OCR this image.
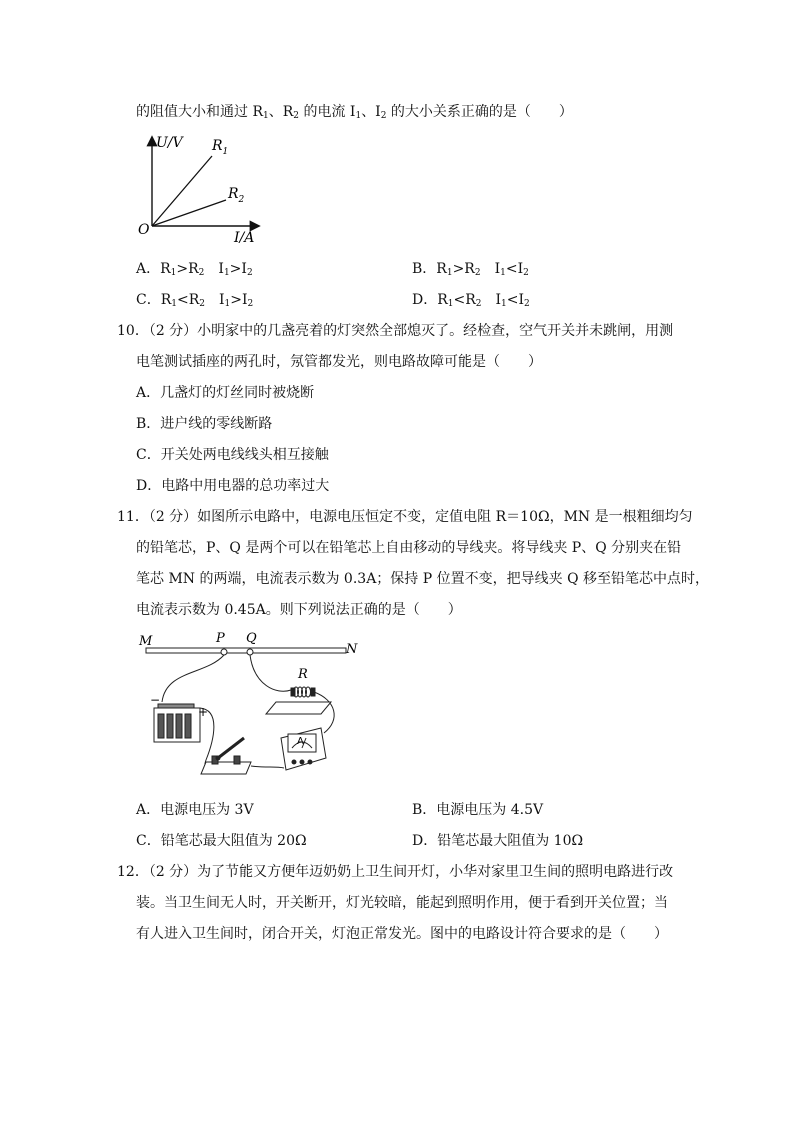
的阻值大小和通过 $R_1$、$R_2$ 的电流 $I_1$、$I_2$ 的大小关系正确的是（　　）
U/V
I/A
O
$R_1$
$R_2$
A．$R_1>R_2$　$I_1>I_2$	B．$R_1>R_2$　$I_1<I_2$
C．$R_1<R_2$　$I_1>I_2$	D．$R_1<R_2$　$I_1<I_2$
10．（2 分）小明家中的几盏亮着的灯突然全部熄灭了。经检查，空气开关并未跳闸，用测
电笔测试插座的两孔时，氖管都发光，则电路故障可能是（　　）
A．几盏灯的灯丝同时被烧断
B．进户线的零线断路
C．开关处两电线线头相互接触
D．电路中用电器的总功率过大
11．（2 分）如图所示电路中，电源电压恒定不变，定值电阻 R＝10Ω，MN 是一根粗细均匀
的铅笔芯，P、Q 是两个可以在铅笔芯上自由移动的导线夹。将导线夹 P、Q 分别夹在铅
笔芯 MN 的两端，电流表示数为 0.3A；保持 P 位置不变，把导线夹 Q 移至铅笔芯中点时，
电流表示数为 0.45A。则下列说法正确的是（　　）
M	P Q
N
R
−
+
A
A．电源电压为 3V	B．电源电压为 4.5V
C．铅笔芯最大阻值为 20Ω	D．铅笔芯最大阻值为 10Ω
12．（2 分）为了节能又方便年迈奶奶上卫生间开灯，小华对家里卫生间的照明电路进行改
装。当卫生间无人时，开关断开，灯光较暗，能起到照明作用，便于看到开关位置；当
有人进入卫生间时，闭合开关，灯泡正常发光。图中的电路设计符合要求的是（　　）
